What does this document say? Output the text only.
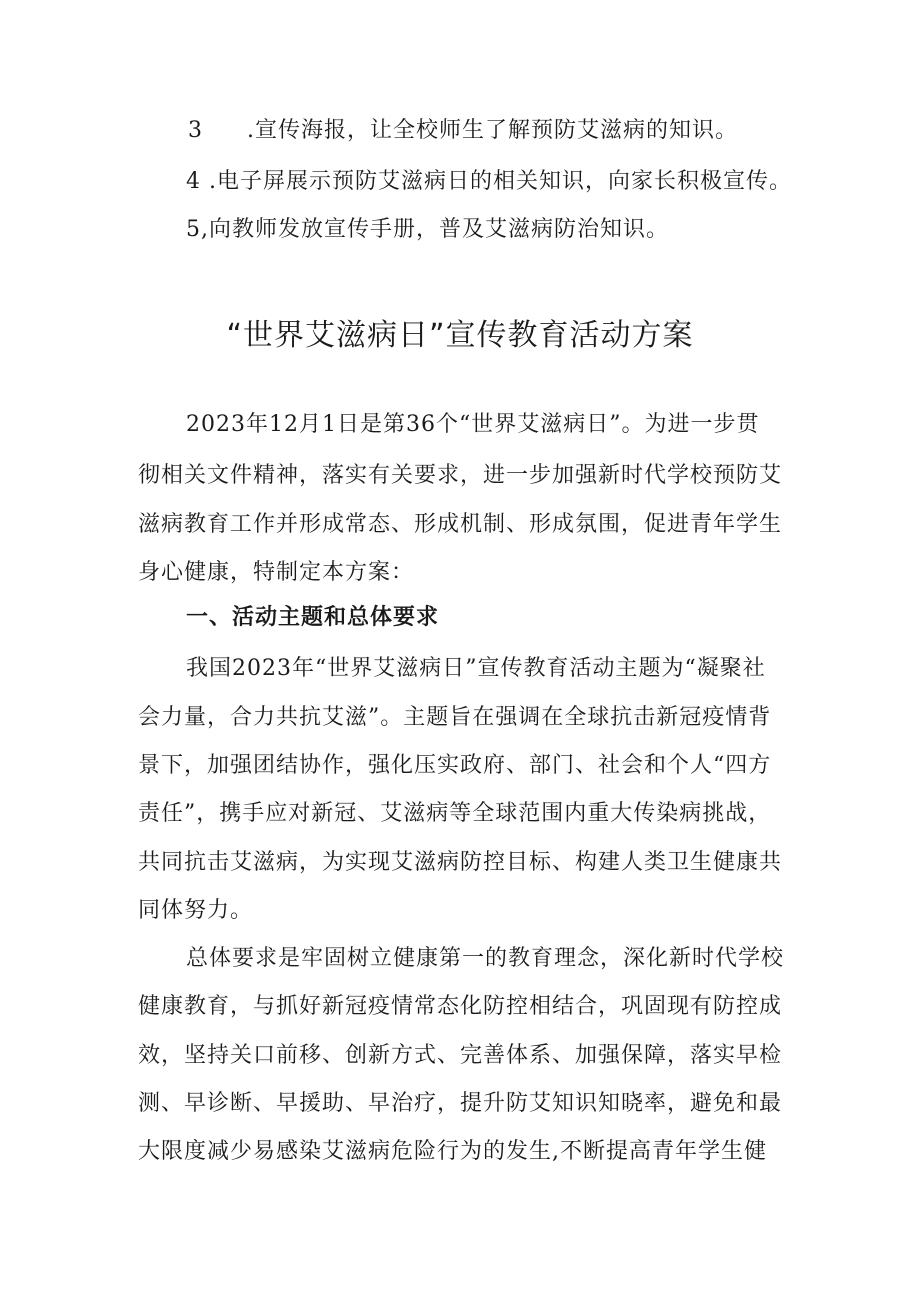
3 .宣传海报，让全校师生了解预防艾滋病的知识。
4 .电子屏展示预防艾滋病日的相关知识，向家长积极宣传。
5,向教师发放宣传手册，普及艾滋病防治知识。
“世界艾滋病日”宣传教育活动方案
2023年12月1日是第36个“世界艾滋病日”。为进一步贯
彻相关文件精神，落实有关要求，进一步加强新时代学校预防艾
滋病教育工作并形成常态、形成机制、形成氛围，促进青年学生
身心健康，特制定本方案：
一、活动主题和总体要求
我国2023年“世界艾滋病日”宣传教育活动主题为“凝聚社
会力量，合力共抗艾滋”。主题旨在强调在全球抗击新冠疫情背
景下，加强团结协作，强化压实政府、部门、社会和个人“四方
责任”，携手应对新冠、艾滋病等全球范围内重大传染病挑战，
共同抗击艾滋病，为实现艾滋病防控目标、构建人类卫生健康共
同体努力。
总体要求是牢固树立健康第一的教育理念，深化新时代学校
健康教育，与抓好新冠疫情常态化防控相结合，巩固现有防控成
效，坚持关口前移、创新方式、完善体系、加强保障，落实早检
测、早诊断、早援助、早治疗，提升防艾知识知晓率，避免和最
大限度减少易感染艾滋病危险行为的发生,不断提高青年学生健
